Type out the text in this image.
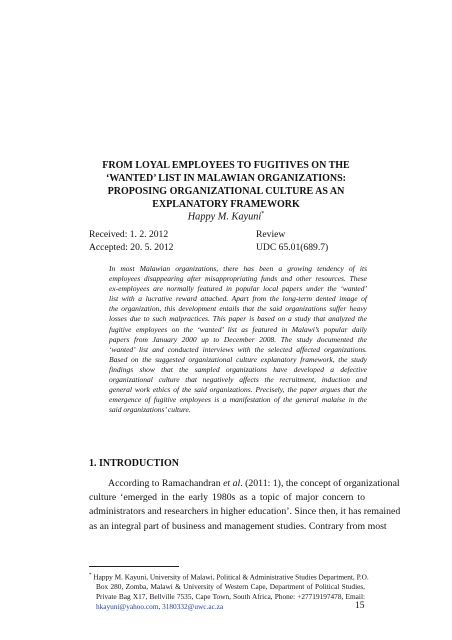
FROM LOYAL EMPLOYEES TO FUGITIVES ON THE
‘WANTED’ LIST IN MALAWIAN ORGANIZATIONS:
PROPOSING ORGANIZATIONAL CULTURE AS AN
EXPLANATORY FRAMEWORK
Happy M. Kayuni*
Received: 1. 2. 2012
Accepted: 20. 5. 2012
Review
UDC 65.01(689.7)
In most Malawian organizations, there has been a growing tendency of its
employees disappearing after misappropriating funds and other resources. These
ex-employees are normally featured in popular local papers under the ‘wanted’
list with a lucrative reward attached. Apart from the long-term dented image of
the organization, this development entails that the said organizations suffer heavy
losses due to such malpractices. This paper is based on a study that analyzed the
fugitive employees on the ‘wanted’ list as featured in Malawi’s popular daily
papers from January 2000 up to December 2008. The study documented the
‘wanted’ list and conducted interviews with the selected affected organizations.
Based on the suggested organizational culture explanatory framework, the study
findings show that the sampled organizations have developed a defective
organizational culture that negatively affects the recruitment, induction and
general work ethics of the said organizations. Precisely, the paper argues that the
emergence of fugitive employees is a manifestation of the general malaise in the
said organizations’ culture.
1. INTRODUCTION
According to Ramachandran et al. (2011: 1), the concept of organizational
culture ‘emerged in the early 1980s as a topic of major concern to
administrators and researchers in higher education’. Since then, it has remained
as an integral part of business and management studies. Contrary from most
* Happy M. Kayuni, University of Malawi, Political & Administrative Studies Department, P.O.
Box 280, Zomba, Malawi & University of Western Cape, Department of Political Studies,
Private Bag X17, Bellville 7535, Cape Town, South Africa, Phone: +27719197478, Email:
hkayuni@yahoo.com, 3180332@uwc.ac.za	15
